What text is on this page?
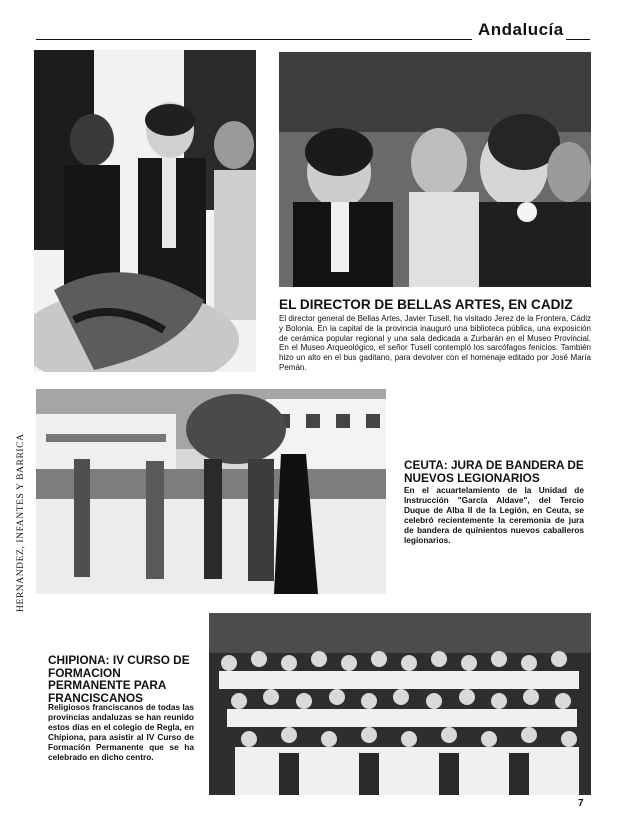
Andalucía
EL DIRECTOR DE BELLAS ARTES, EN CADIZ

El director general de Bellas Artes, Javier Tusell, ha visitado Jerez de la Frontera, Cádiz y Bolonia. En la capital de la provincia inauguró una biblioteca pública, una exposición de cerámica popular regional y una sala dedicada a Zurbarán en el Museo Provincial. En el Museo Arqueológico, el señor Tusell contempló los sarcófagos fenicios. También hizo un alto en el bus gaditano, para devolver con el homenaje editado por José María Pemán.

HERNANDEZ, INFANTES Y BARRICA	CEUTA: JURA DE BANDERA DE NUEVOS LEGIONARIOS

En el acuartelamiento de la Unidad de Instrucción "García Aldave", del Tercio Duque de Alba II de la Legión, en Ceuta, se celebró recientemente la ceremonia de jura de bandera de quinientos nuevos caballeros legionarios.

CHIPIONA: IV CURSO DE FORMACION PERMANENTE PARA FRANCISCANOS

Religiosos franciscanos de todas las provincias andaluzas se han reunido estos días en el colegio de Regla, en Chipiona, para asistir al IV Curso de Formación Permanente que se ha celebrado en dicho centro.

7
